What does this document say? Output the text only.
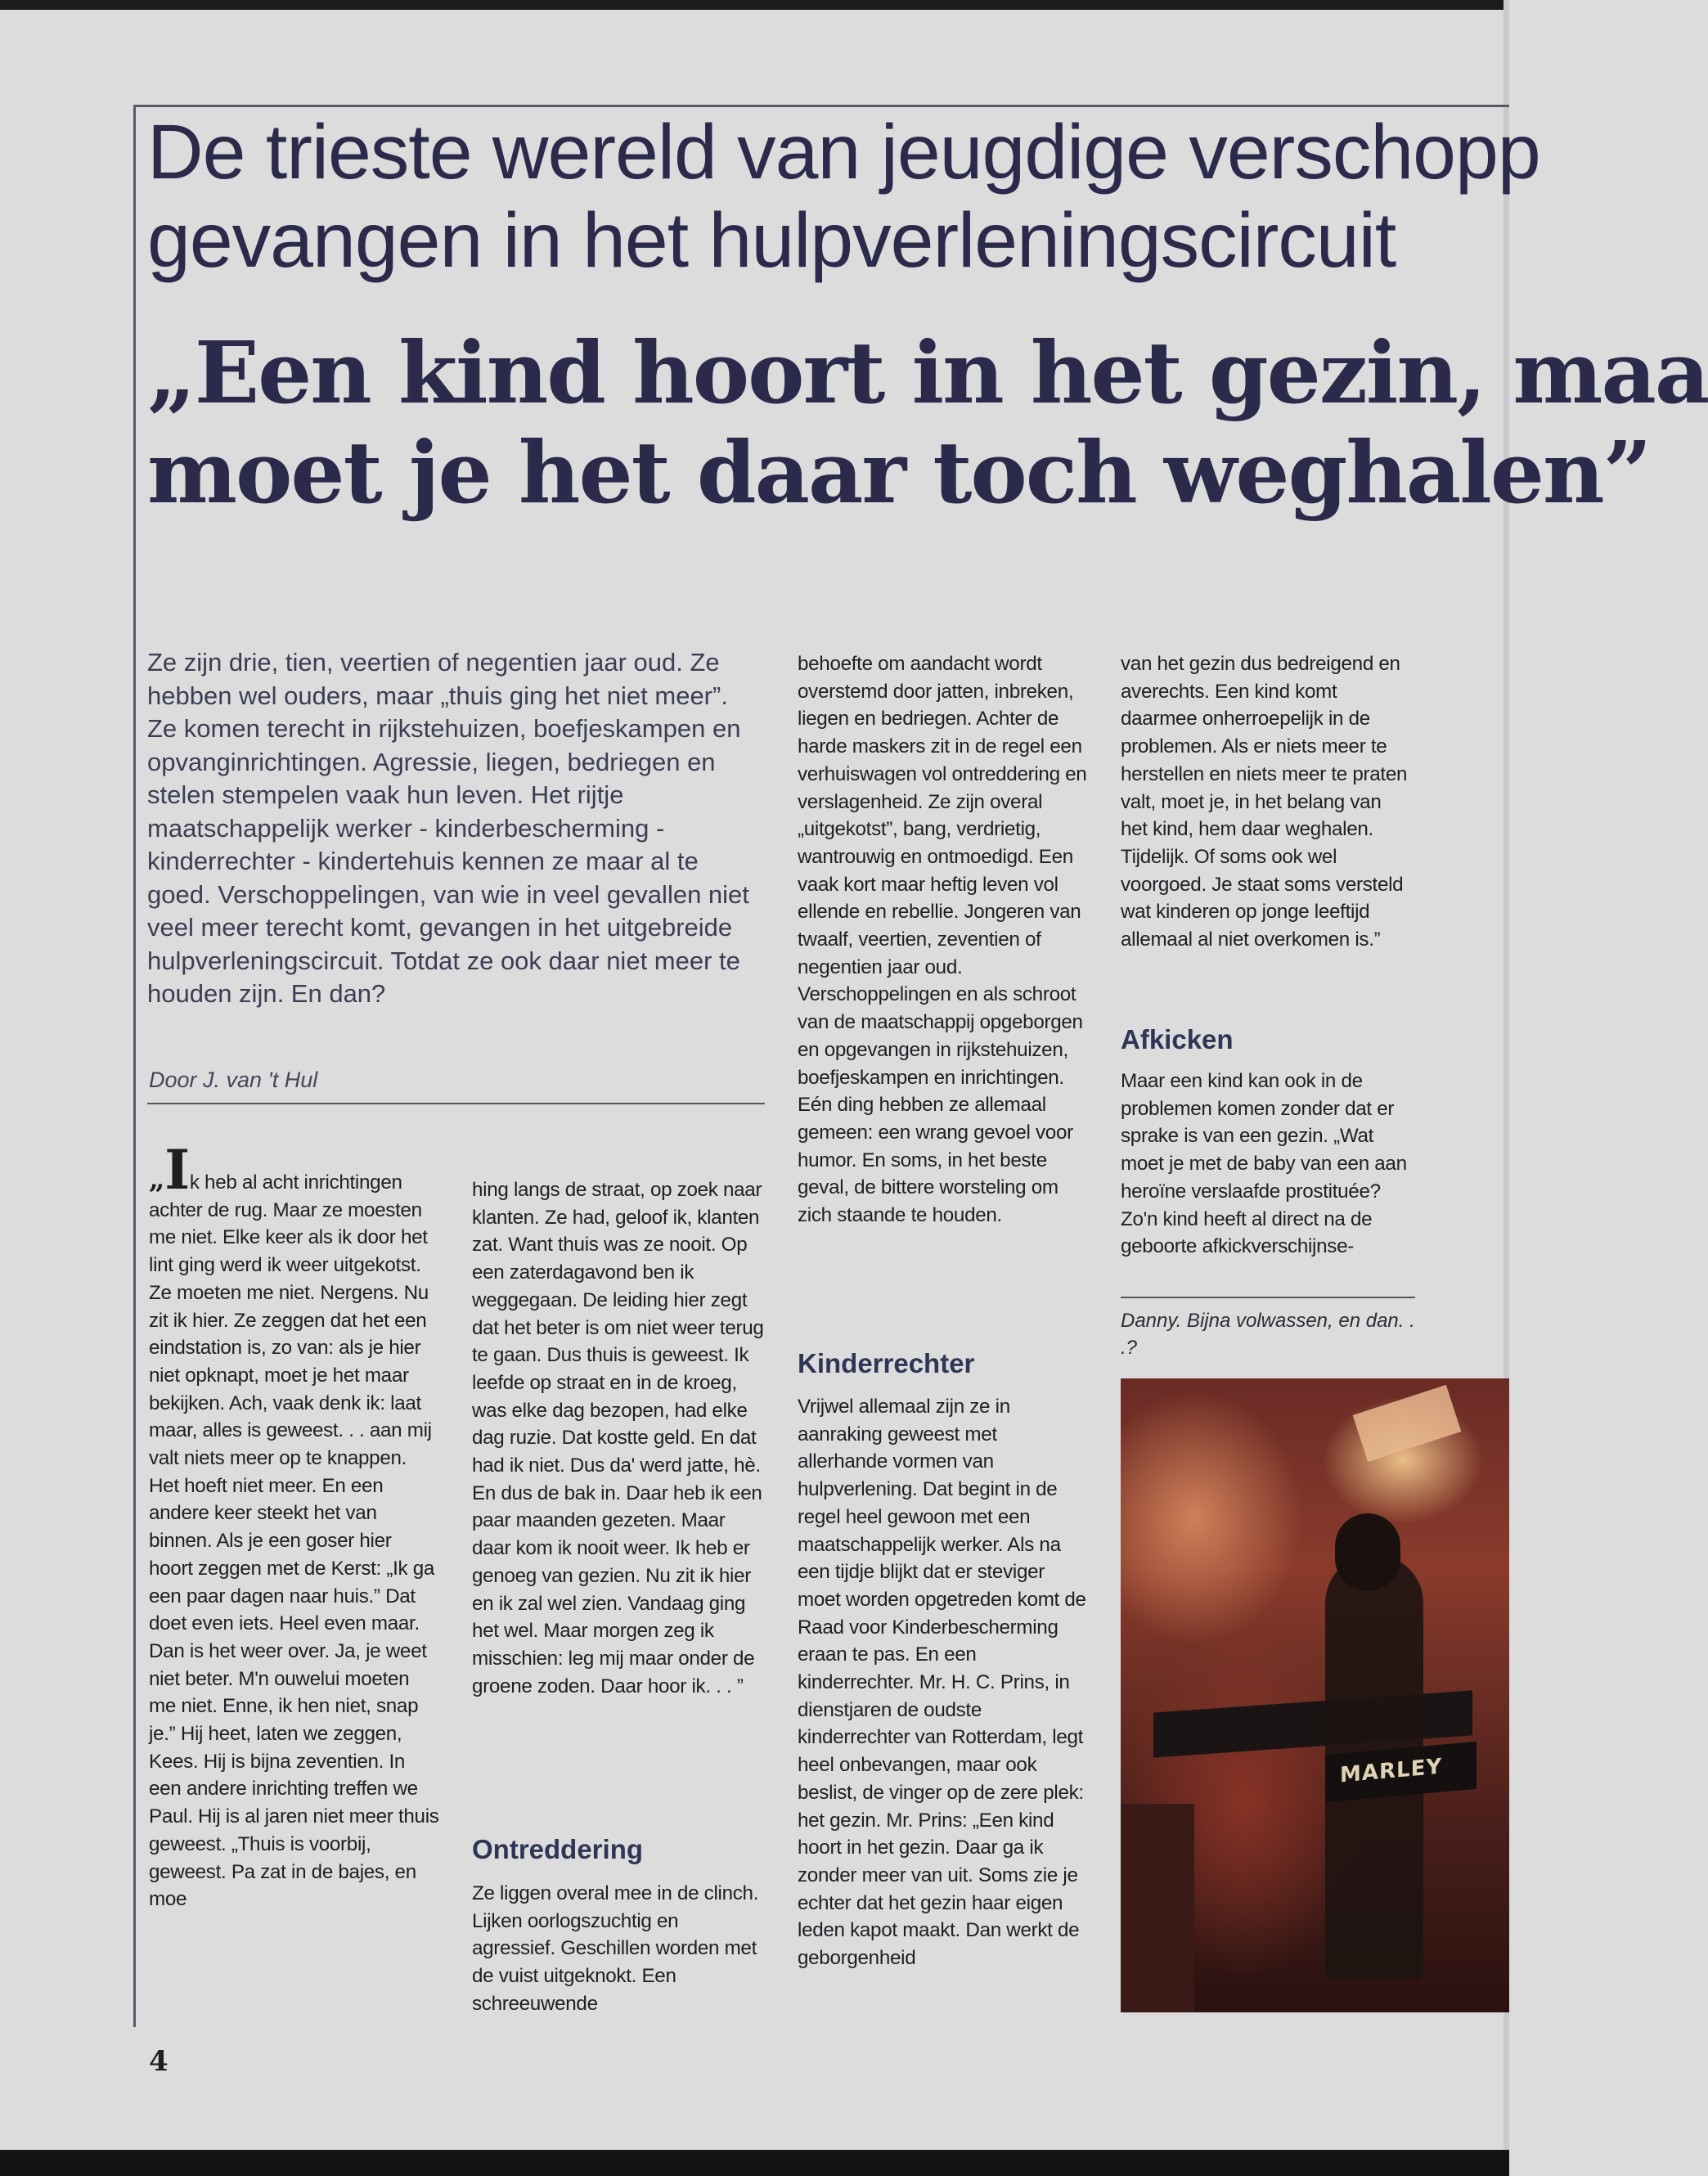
De trieste wereld van jeugdige verschopp
gevangen in het hulpverleningscircuit
„Een kind hoort in het gezin, maa
moet je het daar toch weghalen”
Ze zijn drie, tien, veertien of negentien jaar oud. Ze hebben wel ouders, maar „thuis ging het niet meer”. Ze komen terecht in rijkstehuizen, boefjeskampen en opvanginrichtingen. Agressie, liegen, bedriegen en stelen stempelen vaak hun leven. Het rijtje maatschappelijk werker - kinderbescherming - kinderrechter - kindertehuis kennen ze maar al te goed. Verschoppelingen, van wie in veel gevallen niet veel meer terecht komt, gevangen in het uitgebreide hulpverleningscircuit. Totdat ze ook daar niet meer te houden zijn. En dan?
Door J. van 't Hul

„Ik heb al acht inrichtingen achter de rug. Maar ze moesten me niet. Elke keer als ik door het lint ging werd ik weer uitgekotst. Ze moeten me niet. Nergens. Nu zit ik hier. Ze zeggen dat het een eindstation is, zo van: als je hier niet opknapt, moet je het maar bekijken. Ach, vaak denk ik: laat maar, alles is geweest. . . aan mij valt niets meer op te knappen. Het hoeft niet meer. En een andere keer steekt het van binnen. Als je een goser hier hoort zeggen met de Kerst: „Ik ga een paar dagen naar huis.” Dat doet even iets. Heel even maar. Dan is het weer over. Ja, je weet niet beter. M'n ouwelui moeten me niet. Enne, ik hen niet, snap je.” Hij heet, laten we zeggen, Kees. Hij is bijna zeventien. In een andere inrichting treffen we Paul. Hij is al jaren niet meer thuis geweest. „Thuis is voorbij, geweest. Pa zat in de bajes, en moe

hing langs de straat, op zoek naar klanten. Ze had, geloof ik, klanten zat. Want thuis was ze nooit. Op een zaterdagavond ben ik weggegaan. De leiding hier zegt dat het beter is om niet weer terug te gaan. Dus thuis is geweest. Ik leefde op straat en in de kroeg, was elke dag bezopen, had elke dag ruzie. Dat kostte geld. En dat had ik niet. Dus da' werd jatte, hè. En dus de bak in. Daar heb ik een paar maanden gezeten. Maar daar kom ik nooit weer. Ik heb er genoeg van gezien. Nu zit ik hier en ik zal wel zien. Vandaag ging het wel. Maar morgen zeg ik misschien: leg mij maar onder de groene zoden. Daar hoor ik. . . ”

Ontreddering

Ze liggen overal mee in de clinch. Lijken oorlogszuchtig en agressief. Geschillen worden met de vuist uitgeknokt. Een schreeuwende

behoefte om aandacht wordt overstemd door jatten, inbreken, liegen en bedriegen. Achter de harde maskers zit in de regel een verhuiswagen vol ontreddering en verslagenheid. Ze zijn overal „uitgekotst”, bang, verdrietig, wantrouwig en ontmoedigd. Een vaak kort maar heftig leven vol ellende en rebellie. Jongeren van twaalf, veertien, zeventien of negentien jaar oud. Verschoppelingen en als schroot van de maatschappij opgeborgen en opgevangen in rijkstehuizen, boefjeskampen en inrichtingen. Eén ding hebben ze allemaal gemeen: een wrang gevoel voor humor. En soms, in het beste geval, de bittere worsteling om zich staande te houden.

Kinderrechter

Vrijwel allemaal zijn ze in aanraking geweest met allerhande vormen van hulpverlening. Dat begint in de regel heel gewoon met een maatschappelijk werker. Als na een tijdje blijkt dat er steviger moet worden opgetreden komt de Raad voor Kinderbescherming eraan te pas. En een kinderrechter. Mr. H. C. Prins, in dienstjaren de oudste kinderrechter van Rotterdam, legt heel onbevangen, maar ook beslist, de vinger op de zere plek: het gezin. Mr. Prins: „Een kind hoort in het gezin. Daar ga ik zonder meer van uit. Soms zie je echter dat het gezin haar eigen leden kapot maakt. Dan werkt de geborgenheid

van het gezin dus bedreigend en averechts. Een kind komt daarmee onherroepelijk in de problemen. Als er niets meer te herstellen en niets meer te praten valt, moet je, in het belang van het kind, hem daar weghalen. Tijdelijk. Of soms ook wel voorgoed. Je staat soms versteld wat kinderen op jonge leeftijd allemaal al niet overkomen is.”

Afkicken

Maar een kind kan ook in de problemen komen zonder dat er sprake is van een gezin. „Wat moet je met de baby van een aan heroïne verslaafde prostituée? Zo'n kind heeft al direct na de geboorte afkickverschijnse-

Danny. Bijna volwassen, en dan. . .?
MARLEY
4
